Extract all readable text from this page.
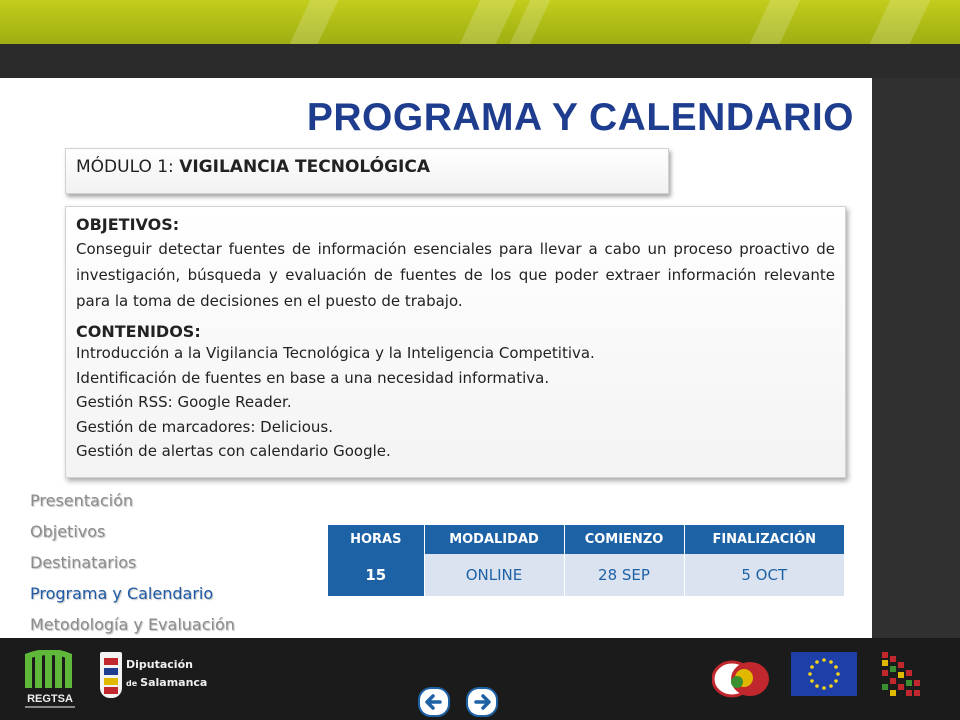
PROGRAMA Y CALENDARIO
MÓDULO 1: VIGILANCIA TECNOLÓGICA
OBJETIVOS:
Conseguir detectar fuentes de información esenciales para llevar a cabo un proceso proactivo de investigación, búsqueda y evaluación de fuentes de los que poder extraer información relevante para la toma de decisiones en el puesto de trabajo.
CONTENIDOS:
Introducción a la Vigilancia Tecnológica y la Inteligencia Competitiva.
Identificación de fuentes en base a una necesidad informativa.
Gestión RSS: Google Reader.
Gestión de marcadores: Delicious.
Gestión de alertas con calendario Google.
Presentación
Objetivos
Destinatarios
Programa y Calendario
Metodología y Evaluación
HORAS	MODALIDAD	COMIENZO	FINALIZACIÓN
15	ONLINE	28 SEP	5 OCT
REGTSA
Diputación
de Salamanca
